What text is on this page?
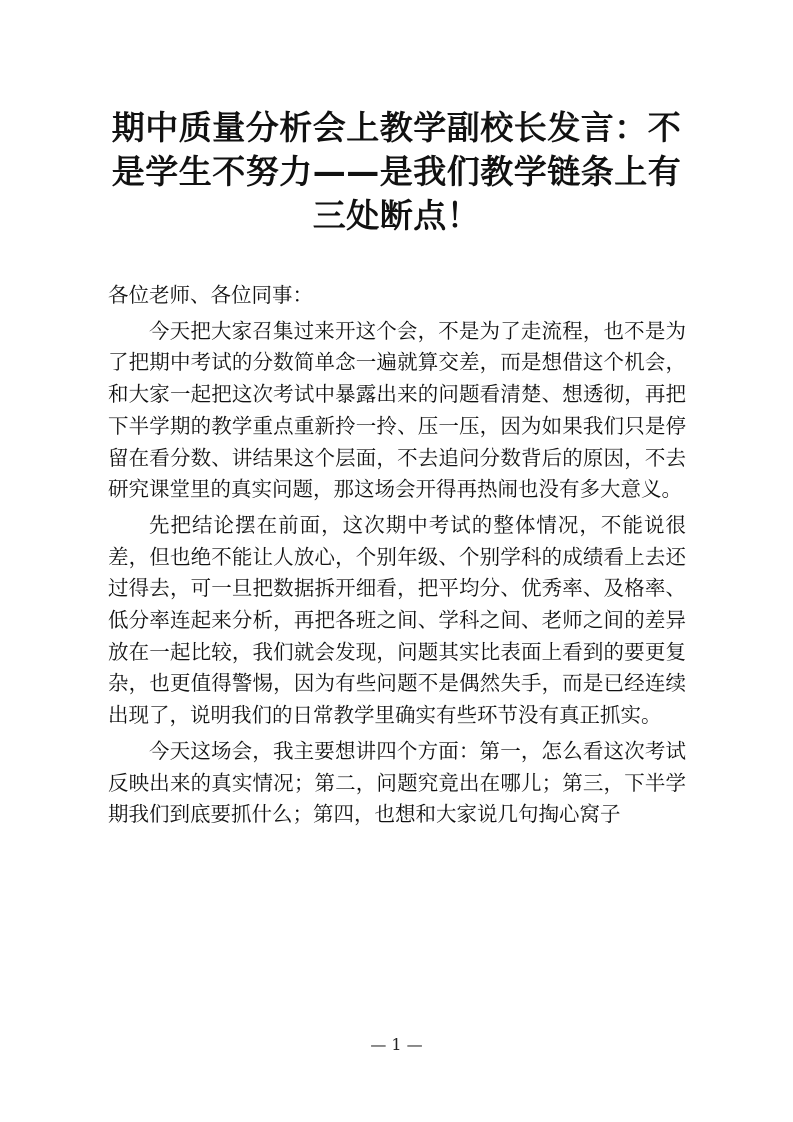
期中质量分析会上教学副校长发言：不是学生不努力——是我们教学链条上有三处断点！

各位老师、各位同事：

今天把大家召集过来开这个会，不是为了走流程，也不是为了把期中考试的分数简单念一遍就算交差，而是想借这个机会，和大家一起把这次考试中暴露出来的问题看清楚、想透彻，再把下半学期的教学重点重新拎一拎、压一压，因为如果我们只是停留在看分数、讲结果这个层面，不去追问分数背后的原因，不去研究课堂里的真实问题，那这场会开得再热闹也没有多大意义。

先把结论摆在前面，这次期中考试的整体情况，不能说很差，但也绝不能让人放心，个别年级、个别学科的成绩看上去还过得去，可一旦把数据拆开细看，把平均分、优秀率、及格率、低分率连起来分析，再把各班之间、学科之间、老师之间的差异放在一起比较，我们就会发现，问题其实比表面上看到的要更复杂，也更值得警惕，因为有些问题不是偶然失手，而是已经连续出现了，说明我们的日常教学里确实有些环节没有真正抓实。

今天这场会，我主要想讲四个方面：第一，怎么看这次考试反映出来的真实情况；第二，问题究竟出在哪儿；第三，下半学期我们到底要抓什么；第四，也想和大家说几句掏心窝子

— 1 —
